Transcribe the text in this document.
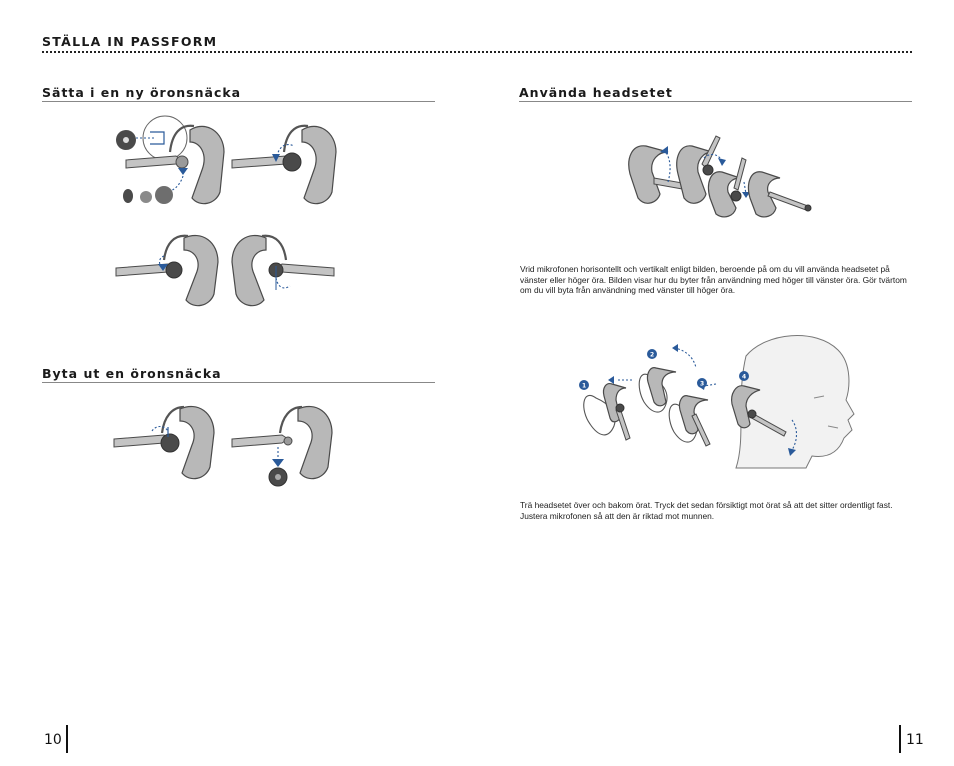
STÄLLA IN PASSFORM
Sätta i en ny öronsnäcka
Byta ut en öronsnäcka
Använda headsetet
Vrid mikrofonen horisontellt och vertikalt enligt bilden, beroende på om du vill använda headsetet på vänster eller höger öra. Bilden visar hur du byter från användning med höger till vänster öra. Gör tvärtom om du vill byta från användning med vänster till höger öra.
1
2
3
4
Trä headsetet över och bakom örat. Tryck det sedan försiktigt mot örat så att det sitter ordentligt fast. Justera mikrofonen så att den är riktad mot munnen.
10	11
